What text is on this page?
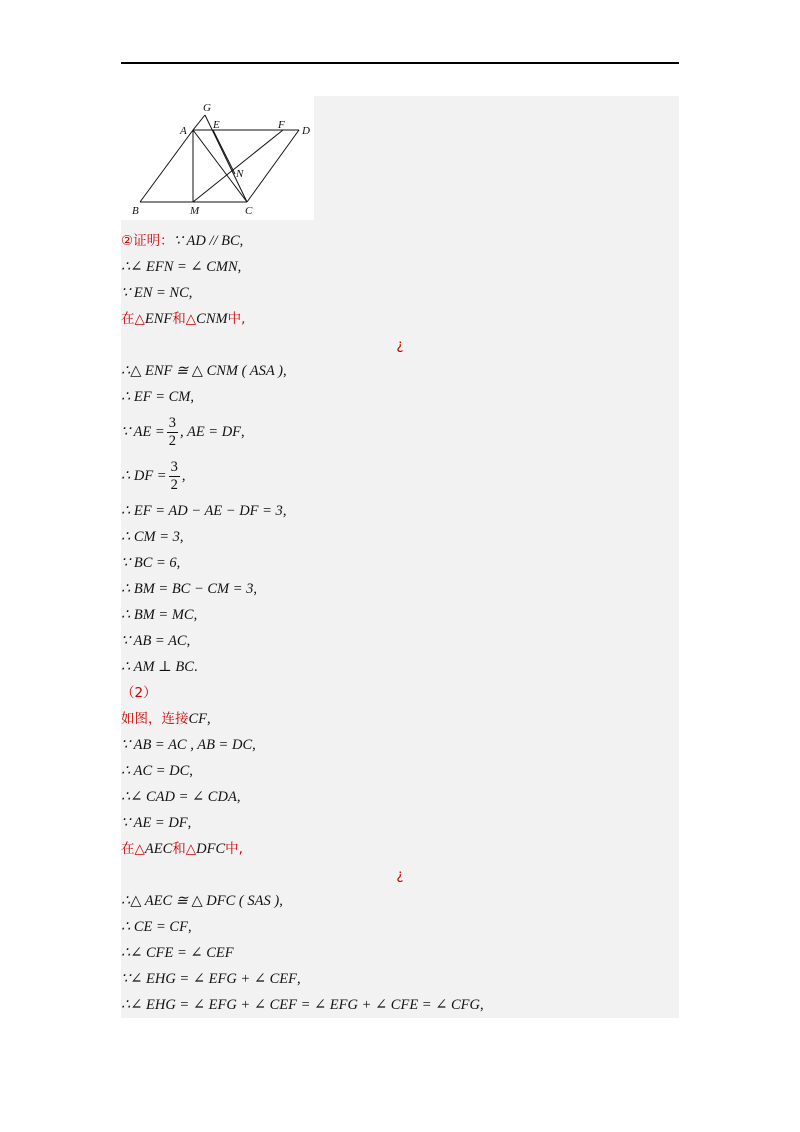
G
A E	F D
N
B	M	C
②证明：∵ AD // BC,
∴∠ EFN = ∠ CMN,
∵ EN = NC,
在△ENF和△CNM中,
¿
∴△ ENF ≅ △ CNM ( ASA ),
∴ EF = CM,
∵ AE = $\frac{3}{2}$ , AE = DF,
∴ DF = $\frac{3}{2}$ ,
∴ EF = AD − AE − DF = 3,
∴ CM = 3,
∵ BC = 6,
∴ BM = BC − CM = 3,
∴ BM = MC,
∵ AB = AC,
∴ AM ⊥ BC.
（2）
如图，连接CF,
∵ AB = AC , AB = DC,
∴ AC = DC,
∴∠ CAD = ∠ CDA,
∵ AE = DF,
在△AEC和△DFC中,
¿
∴△ AEC ≅ △ DFC ( SAS ),
∴ CE = CF,
∴∠ CFE = ∠ CEF
∵∠ EHG = ∠ EFG + ∠ CEF,
∴∠ EHG = ∠ EFG + ∠ CEF = ∠ EFG + ∠ CFE = ∠ CFG,
